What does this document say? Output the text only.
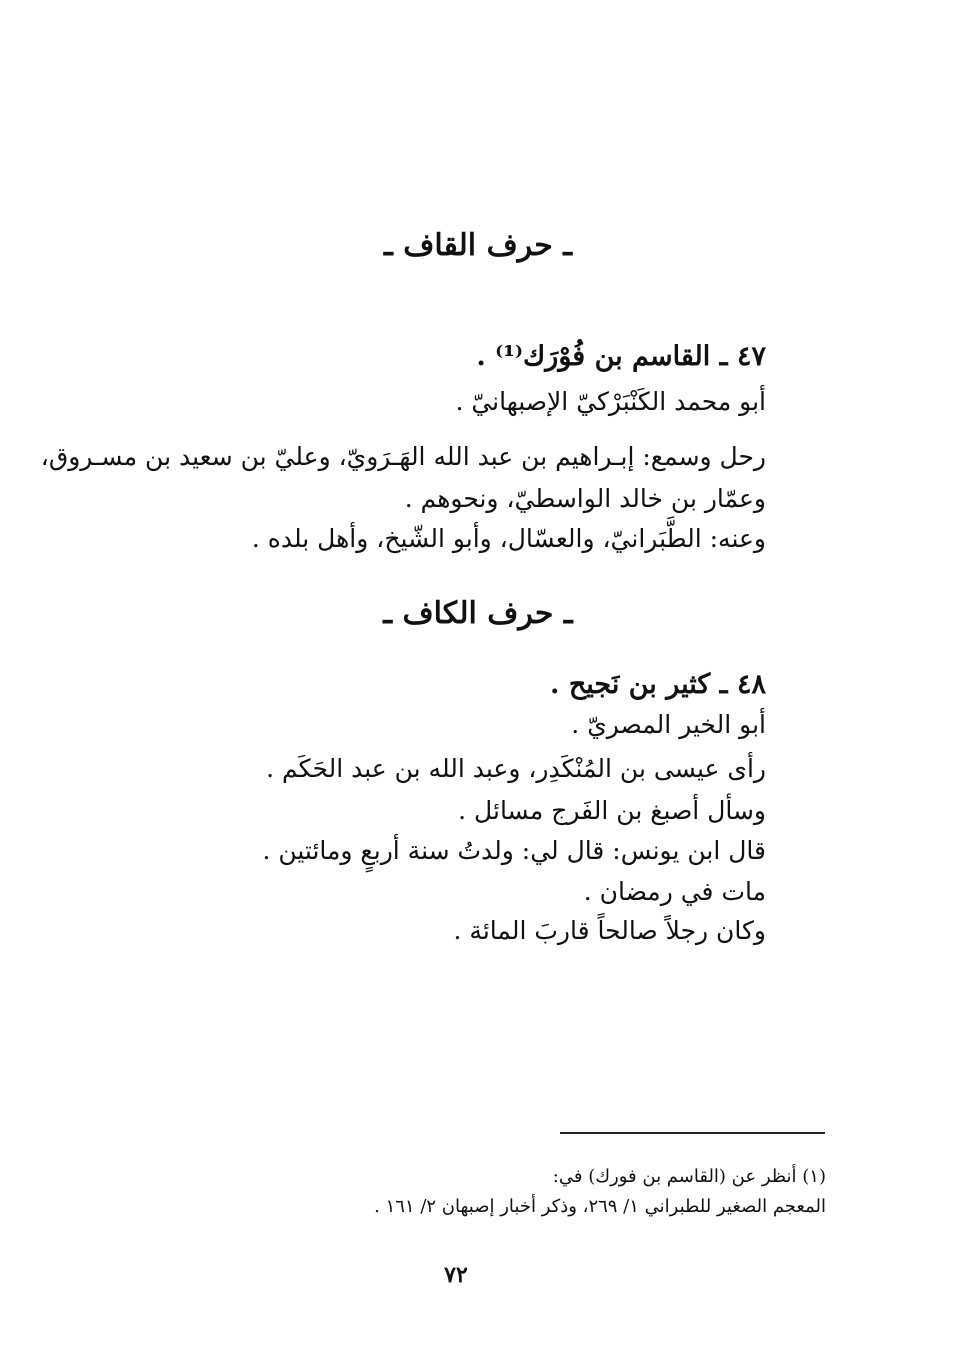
ـ حرف القاف ـ
٤٧ ـ القاسم بن فُوْرَك⁽¹⁾ .
أبو محمد الكَنْبَرْكيّ الإصبهانيّ .
رحل وسمع: إبـراهيم بن عبد الله الهَـرَويّ، وعليّ بن سعيد بن مسـروق،
وعمّار بن خالد الواسطيّ، ونحوهم .
وعنه: الطَّبَرانيّ، والعسّال، وأبو الشّيخ، وأهل بلده .
ـ حرف الكاف ـ
٤٨ ـ كثير بن نَجيح .
أبو الخير المصريّ .
رأى عيسى بن المُنْكَدِر، وعبد الله بن عبد الحَكَم .
وسأل أصبغ بن الفَرج مسائل .
قال ابن يونس: قال لي: ولدتُ سنة أربعٍ ومائتين .
مات في رمضان .
وكان رجلاً صالحاً قاربَ المائة .
(١) أنظر عن (القاسم بن فورك) في:
المعجم الصغير للطبراني ١/ ٢٦٩، وذكر أخبار إصبهان ٢/ ١٦١ .
٧٢
